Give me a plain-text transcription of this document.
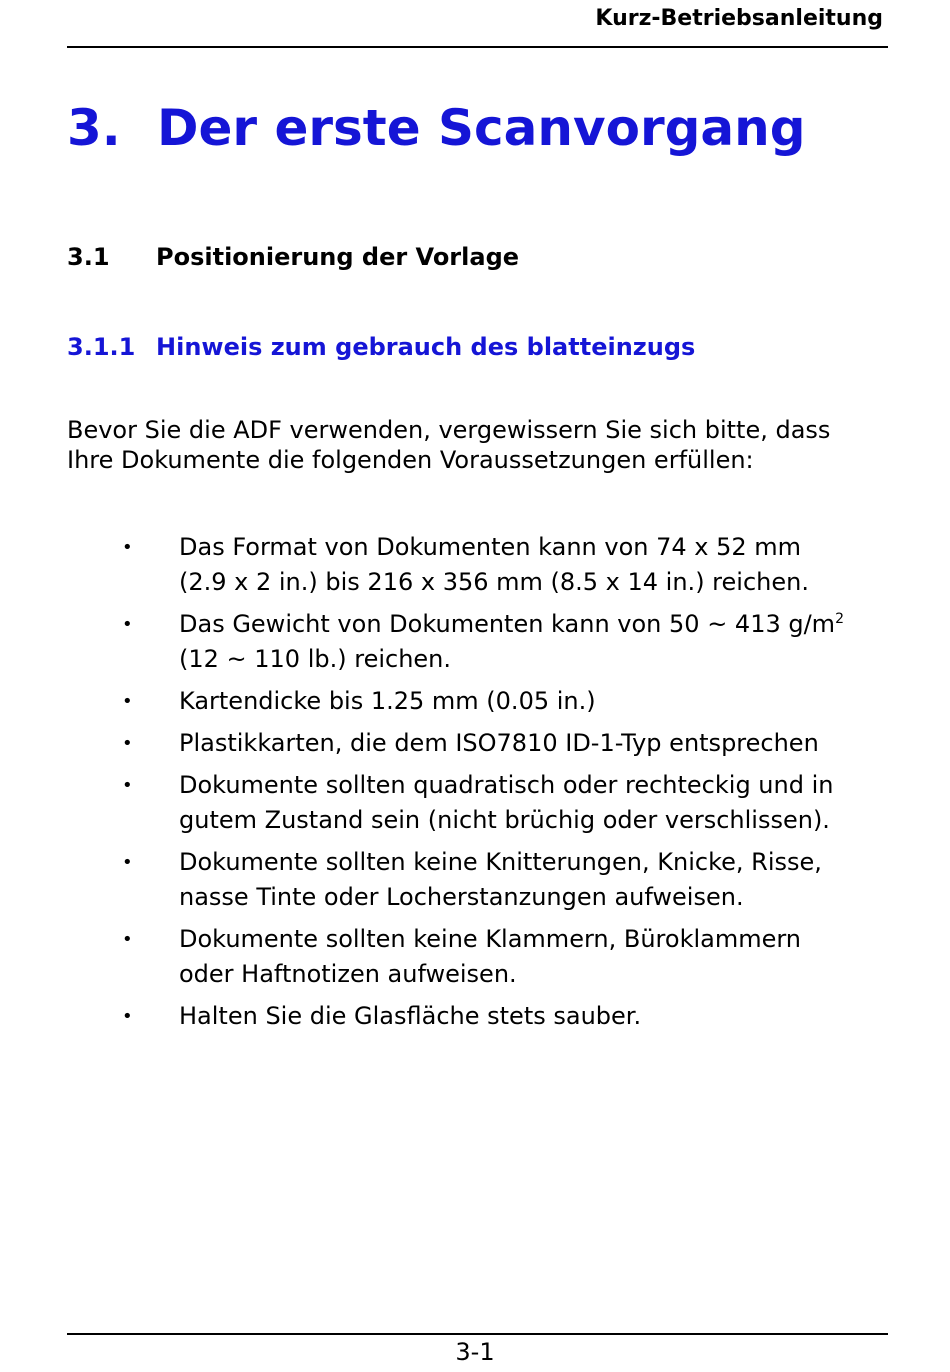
Kurz-Betriebsanleitung
3. Der erste Scanvorgang
3.1 Positionierung der Vorlage
3.1.1 Hinweis zum gebrauch des blatteinzugs
Bevor Sie die ADF verwenden, vergewissern Sie sich bitte, dass
Ihre Dokumente die folgenden Voraussetzungen erfüllen:
• Das Format von Dokumenten kann von 74 x 52 mm
(2.9 x 2 in.) bis 216 x 356 mm (8.5 x 14 in.) reichen.
• Das Gewicht von Dokumenten kann von 50 ~ 413 $g/m^2$
(12 ~ 110 lb.) reichen.
• Kartendicke bis 1.25 mm (0.05 in.)
• Plastikkarten, die dem ISO7810 ID-1-Typ entsprechen
• Dokumente sollten quadratisch oder rechteckig und in
gutem Zustand sein (nicht brüchig oder verschlissen).
• Dokumente sollten keine Knitterungen, Knicke, Risse,
nasse Tinte oder Locherstanzungen aufweisen.
• Dokumente sollten keine Klammern, Büroklammern
oder Haftnotizen aufweisen.
• Halten Sie die Glasfläche stets sauber.
3-1
